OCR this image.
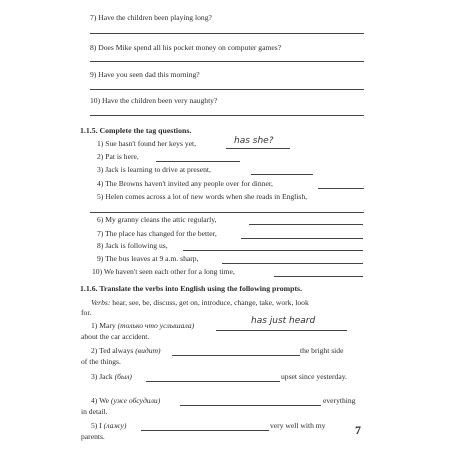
7) Have the children been playing long?
8) Does Mike spend all his pocket money on computer games?
9) Have you seen dad this morning?
10) Have the children been very naughty?
1.1.5. Complete the tag questions.
1) Sue hasn't found her keys yet,	has she?
2) Pat is here,
3) Jack is learning to drive at present,
4) The Browns haven't invited any people over for dinner,
5) Helen comes across a lot of new words when she reads in English,
6) My granny cleans the attic regularly,
7) The place has changed for the better,
8) Jack is following us,
9) The bus leaves at 9 a.m. sharp,
10) We haven't seen each other for a long time,
1.1.6. Translate the verbs into English using the following prompts.
Verbs: hear, see, be, discuss, get on, introduce, change, take, work, look
for.
1) Mary (только что услышала)	has just heard
about the car accident.
2) Ted always (видит)	the bright side
of the things.
3) Jack (был)	upset since yesterday.
4) We (уже обсудили)	everything
in detail.
5) I (лажу)	very well with my
parents.	7
